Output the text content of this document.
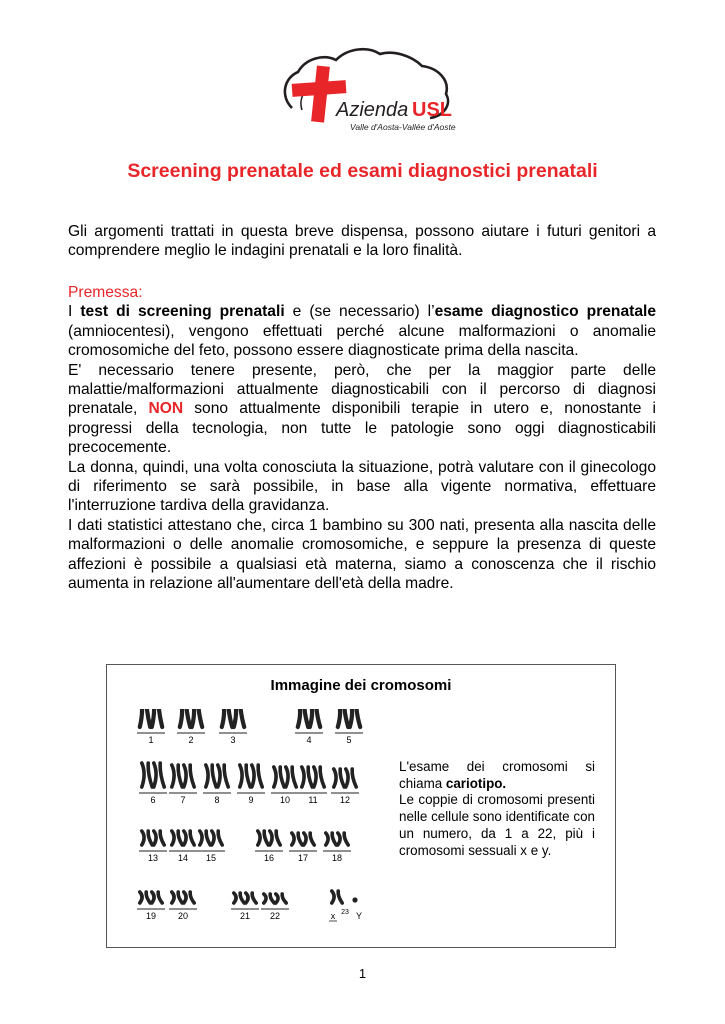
Azienda USL
Valle d'Aosta-Vallée d'Aoste
Screening prenatale ed esami diagnostici prenatali
Gli argomenti trattati in questa breve dispensa, possono aiutare i futuri genitori a comprendere meglio le indagini prenatali e la loro finalità.
Premessa:
I test di screening prenatali e (se necessario) l’esame diagnostico prenatale (amniocentesi), vengono effettuati perché alcune malformazioni o anomalie cromosomiche del feto, possono essere diagnosticate prima della nascita.
E' necessario tenere presente, però, che per la maggior parte delle malattie/malformazioni attualmente diagnosticabili con il percorso di diagnosi prenatale, NON sono attualmente disponibili terapie in utero e, nonostante i progressi della tecnologia, non tutte le patologie sono oggi diagnosticabili precocemente.
La donna, quindi, una volta conosciuta la situazione, potrà valutare con il ginecologo di riferimento se sarà possibile, in base alla vigente normativa, effettuare l'interruzione tardiva della gravidanza.
I dati statistici attestano che, circa 1 bambino su 300 nati, presenta alla nascita delle malformazioni o delle anomalie cromosomiche, e seppure la presenza di queste affezioni è possibile a qualsiasi età materna, siamo a conoscenza che il rischio aumenta in relazione all'aumentare dell'età della madre.
Immagine dei cromosomi
1	2	3	4	5
6	7	8	9	10 11 12
13 14 15	16	17	18
19 20	21 22	x 23 Y
L'esame dei cromosomi si chiama cariotipo.
Le coppie di cromosomi presenti nelle cellule sono identificate con un numero, da 1 a 22, più i cromosomi sessuali x e y.
1
